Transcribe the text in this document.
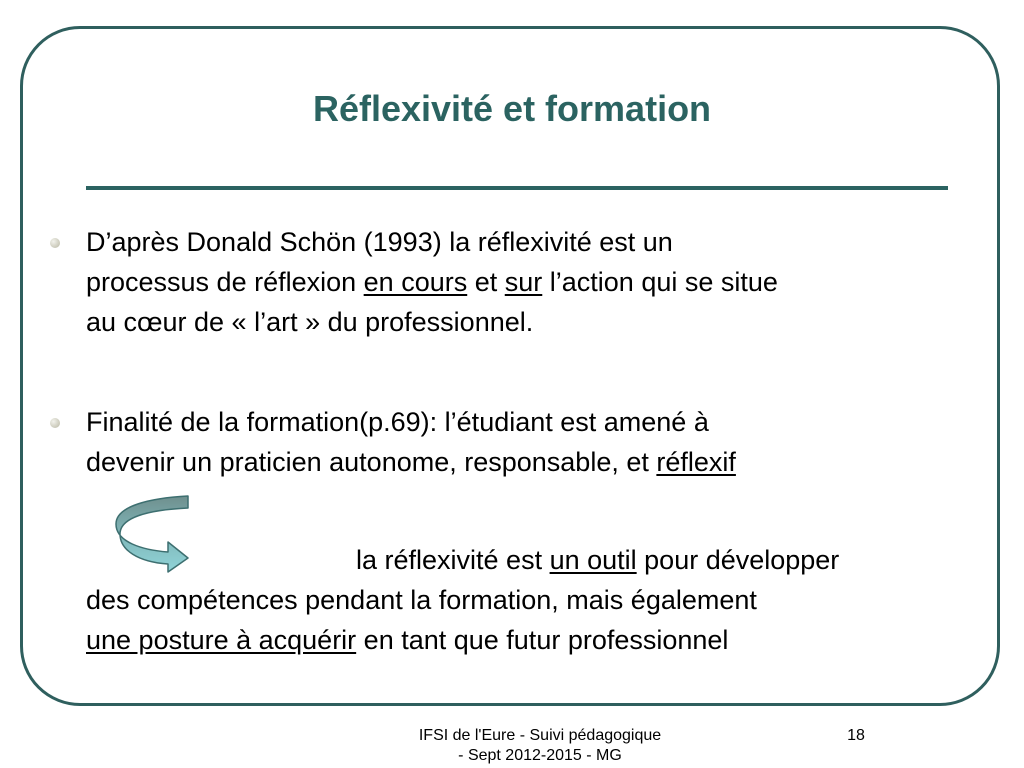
Réflexivité et formation
D’après Donald Schön (1993) la réflexivité est un
processus de réflexion en cours et sur l’action qui se situe
au cœur de « l’art » du professionnel.
Finalité de la formation(p.69): l’étudiant est amené à
devenir un praticien autonome, responsable, et réflexif
la réflexivité est un outil pour développer
des compétences pendant la formation, mais également
une posture à acquérir en tant que futur professionnel
IFSI de l'Eure - Suivi pédagogique
- Sept 2012-2015 - MG
18
